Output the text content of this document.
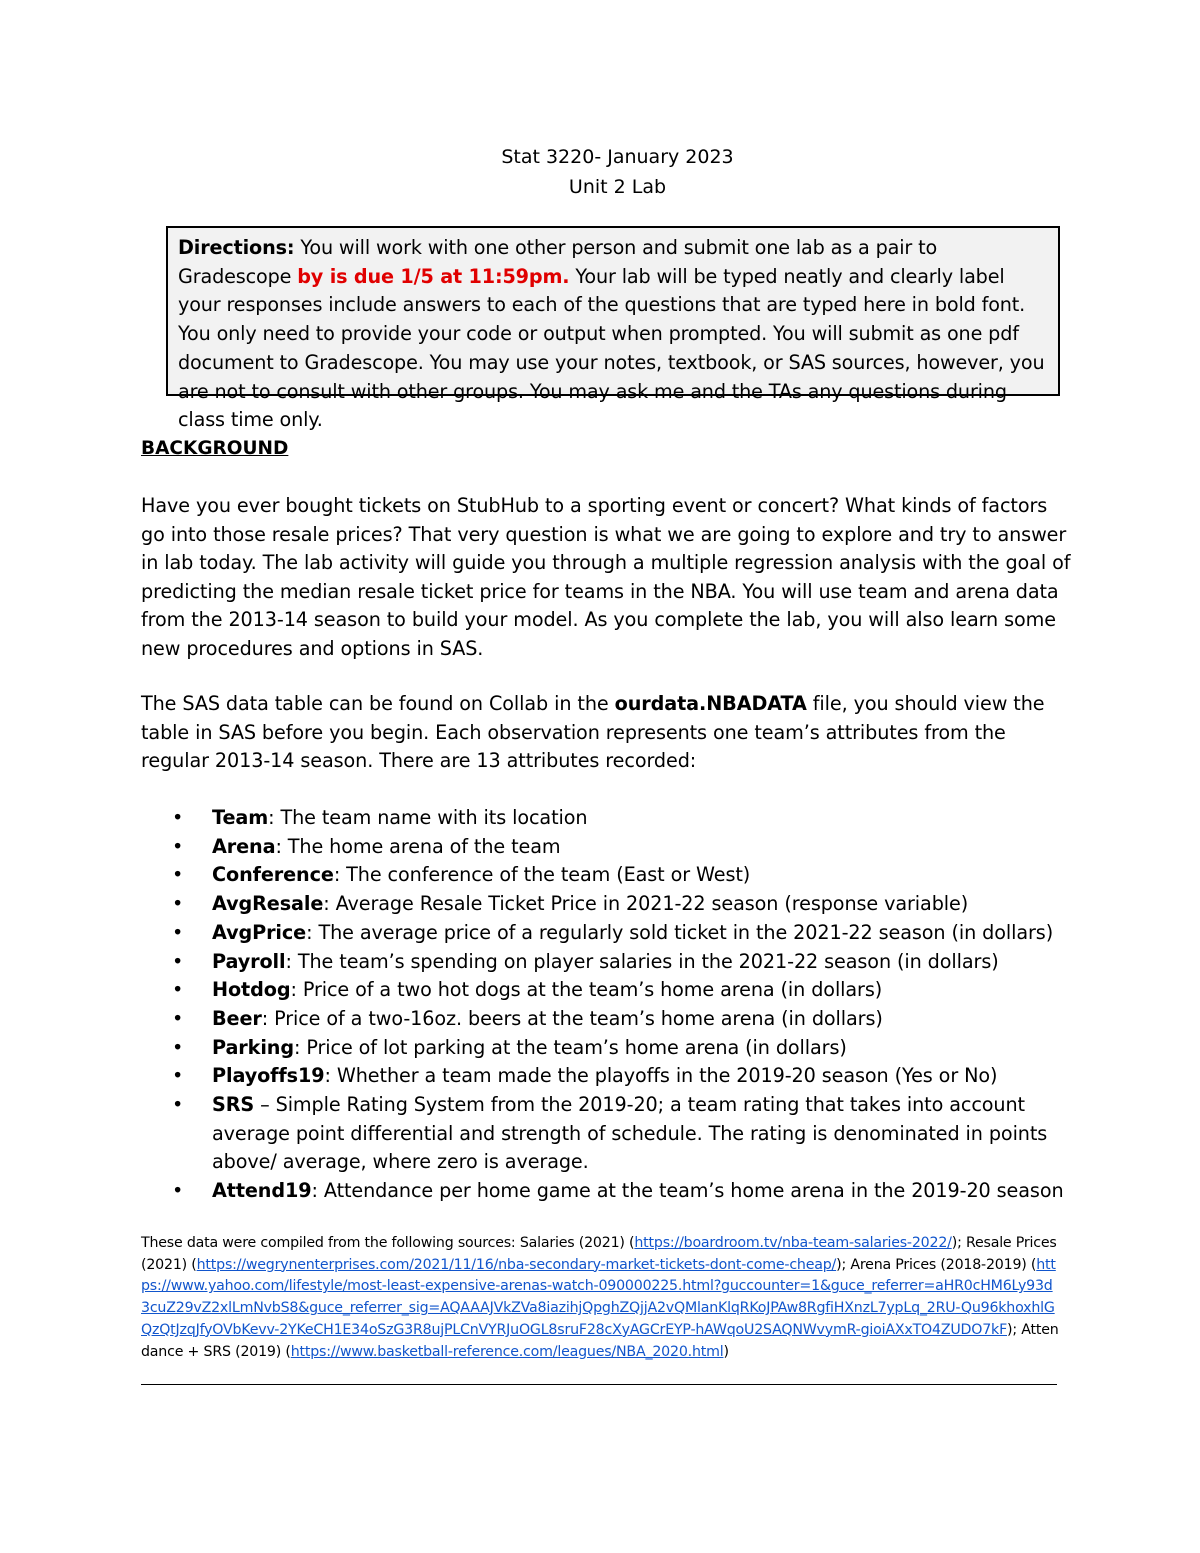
Stat 3220- January 2023
Unit 2 Lab
Directions: You will work with one other person and submit one lab as a pair to Gradescope by is due 1/5 at 11:59pm. Your lab will be typed neatly and clearly label your responses include answers to each of the questions that are typed here in bold font. You only need to provide your code or output when prompted. You will submit as one pdf document to Gradescope. You may use your notes, textbook, or SAS sources, however, you are not to consult with other groups. You may ask me and the TAs any questions during class time only.
BACKGROUND
Have you ever bought tickets on StubHub to a sporting event or concert? What kinds of factors go into those resale prices? That very question is what we are going to explore and try to answer in lab today. The lab activity will guide you through a multiple regression analysis with the goal of predicting the median resale ticket price for teams in the NBA. You will use team and arena data from the 2013-14 season to build your model. As you complete the lab, you will also learn some new procedures and options in SAS.
The SAS data table can be found on Collab in the ourdata.NBADATA file, you should view the table in SAS before you begin. Each observation represents one team’s attributes from the regular 2013-14 season. There are 13 attributes recorded:
• Team: The team name with its location
• Arena: The home arena of the team
• Conference: The conference of the team (East or West)
• AvgResale: Average Resale Ticket Price in 2021-22 season (response variable)
• AvgPrice: The average price of a regularly sold ticket in the 2021-22 season (in dollars)
• Payroll: The team’s spending on player salaries in the 2021-22 season (in dollars)
• Hotdog: Price of a two hot dogs at the team’s home arena (in dollars)
• Beer: Price of a two-16oz. beers at the team’s home arena (in dollars)
• Parking: Price of lot parking at the team’s home arena (in dollars)
• Playoffs19: Whether a team made the playoffs in the 2019-20 season (Yes or No)
• SRS – Simple Rating System from the 2019-20; a team rating that takes into account average point differential and strength of schedule. The rating is denominated in points above/ average, where zero is average.
• Attend19: Attendance per home game at the team’s home arena in the 2019-20 season
These data were compiled from the following sources: Salaries (2021) (https://boardroom.tv/nba-team-salaries-2022/); Resale Prices (2021) (https://wegrynenterprises.com/2021/11/16/nba-secondary-market-tickets-dont-come-cheap/); Arena Prices (2018-2019) (https://www.yahoo.com/lifestyle/most-least-expensive-arenas-watch-090000225.html?guccounter=1&guce_referrer=aHR0cHM6Ly93d3cuZ29vZ2xlLmNvbS8&guce_referrer_sig=AQAAAJVkZVa8iazihjQpghZQjjA2vQMlanKlqRKoJPAw8RgfiHXnzL7ypLq_2RU-Qu96khoxhlGQzQtJzqJfyOVbKevv-2YKeCH1E34oSzG3R8ujPLCnVYRJuOGL8sruF28cXyAGCrEYP-hAWqoU2SAQNWvymR-gioiAXxTO4ZUDO7kF); Attendance + SRS (2019) (https://www.basketball-reference.com/leagues/NBA_2020.html)
